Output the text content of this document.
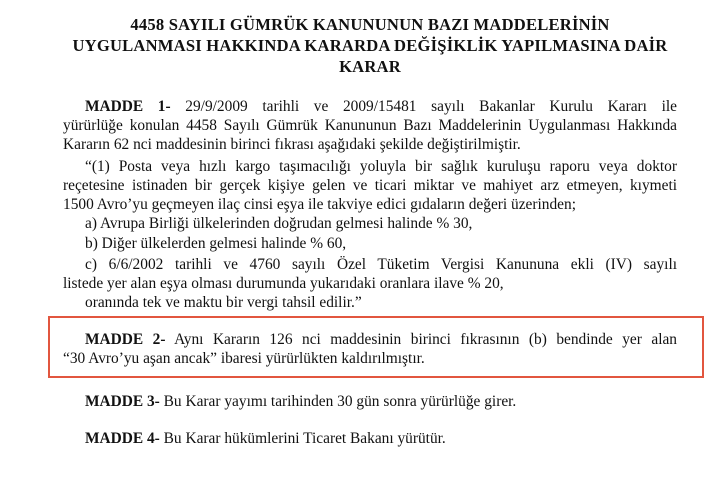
4458 SAYILI GÜMRÜK KANUNUNUN BAZI MADDELERİNİN
UYGULANMASI HAKKINDA KARARDA DEĞİŞİKLİK YAPILMASINA DAİR
KARAR
MADDE 1- 29/9/2009 tarihli ve 2009/15481 sayılı Bakanlar Kurulu Kararı ile
yürürlüğe konulan 4458 Sayılı Gümrük Kanununun Bazı Maddelerinin Uygulanması Hakkında
Kararın 62 nci maddesinin birinci fıkrası aşağıdaki şekilde değiştirilmiştir.
“(1) Posta veya hızlı kargo taşımacılığı yoluyla bir sağlık kuruluşu raporu veya doktor
reçetesine istinaden bir gerçek kişiye gelen ve ticari miktar ve mahiyet arz etmeyen, kıymeti
1500 Avro’yu geçmeyen ilaç cinsi eşya ile takviye edici gıdaların değeri üzerinden;
a) Avrupa Birliği ülkelerinden doğrudan gelmesi halinde % 30,
b) Diğer ülkelerden gelmesi halinde % 60,
c) 6/6/2002 tarihli ve 4760 sayılı Özel Tüketim Vergisi Kanununa ekli (IV) sayılı
listede yer alan eşya olması durumunda yukarıdaki oranlara ilave % 20,
oranında tek ve maktu bir vergi tahsil edilir.”
MADDE 2- Aynı Kararın 126 nci maddesinin birinci fıkrasının (b) bendinde yer alan
“30 Avro’yu aşan ancak” ibaresi yürürlükten kaldırılmıştır.
MADDE 3- Bu Karar yayımı tarihinden 30 gün sonra yürürlüğe girer.
MADDE 4- Bu Karar hükümlerini Ticaret Bakanı yürütür.
